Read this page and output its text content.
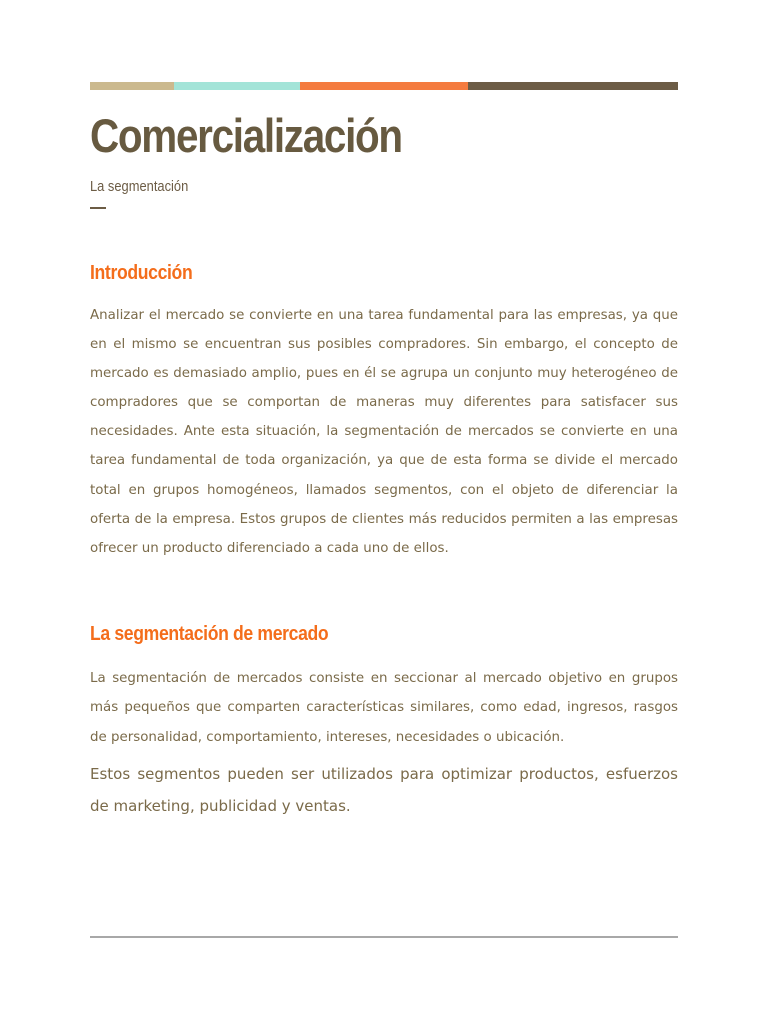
Comercialización
La segmentación
Introducción

Analizar el mercado se convierte en una tarea fundamental para las empresas, ya que en el mismo se encuentran sus posibles compradores. Sin embargo, el concepto de mercado es demasiado amplio, pues en él se agrupa un conjunto muy heterogéneo de compradores que se comportan de maneras muy diferentes para satisfacer sus necesidades. Ante esta situación, la segmentación de mercados se convierte en una tarea fundamental de toda organización, ya que de esta forma se divide el mercado total en grupos homogéneos, llamados segmentos, con el objeto de diferenciar la oferta de la empresa. Estos grupos de clientes más reducidos permiten a las empresas ofrecer un producto diferenciado a cada uno de ellos.

La segmentación de mercado

La segmentación de mercados consiste en seccionar al mercado objetivo en grupos más pequeños que comparten características similares, como edad, ingresos, rasgos de personalidad, comportamiento, intereses, necesidades o ubicación.

Estos segmentos pueden ser utilizados para optimizar productos, esfuerzos de marketing, publicidad y ventas.
